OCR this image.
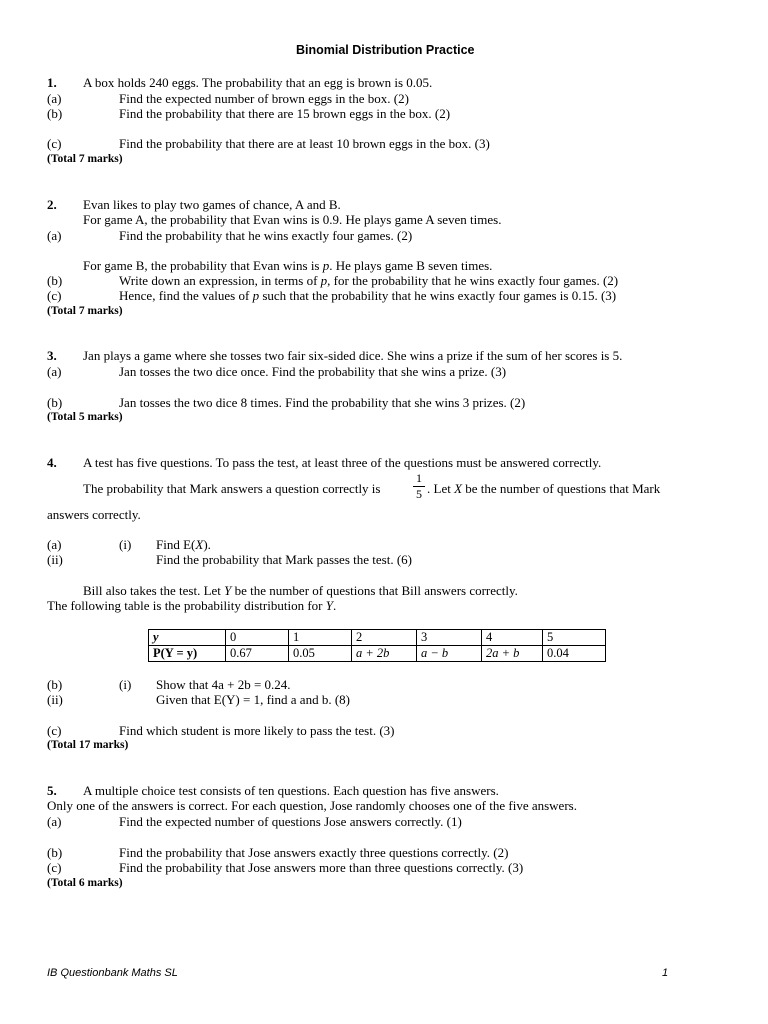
Binomial Distribution Practice
1. A box holds 240 eggs. The probability that an egg is brown is 0.05.
(a)	Find the expected number of brown eggs in the box. (2)
(b)	Find the probability that there are 15 brown eggs in the box. (2)
(c)	Find the probability that there are at least 10 brown eggs in the box. (3)
(Total 7 marks)
2. Evan likes to play two games of chance, A and B.
For game A, the probability that Evan wins is 0.9. He plays game A seven times.
(a)	Find the probability that he wins exactly four games. (2)
For game B, the probability that Evan wins is p. He plays game B seven times.
(b)	Write down an expression, in terms of p, for the probability that he wins exactly four games. (2)
(c)	Hence, find the values of p such that the probability that he wins exactly four games is 0.15. (3)
(Total 7 marks)
3. Jan plays a game where she tosses two fair six-sided dice. She wins a prize if the sum of her scores is 5.
(a)	Jan tosses the two dice once. Find the probability that she wins a prize. (3)
(b)	Jan tosses the two dice 8 times. Find the probability that she wins 3 prizes. (2)
(Total 5 marks)
4. A test has five questions. To pass the test, at least three of the questions must be answered correctly.
The probability that Mark answers a question correctly is
1
5 . Let X be the number of questions that Mark
answers correctly.
(a)	(i) Find E(X).
(ii)	Find the probability that Mark passes the test. (6)
Bill also takes the test. Let Y be the number of questions that Bill answers correctly.
The following table is the probability distribution for Y.
y	0	1	2	3	4	5
P(Y = y)	0.67	0.05	a + 2b	a − b	2a + b	0.04
(b)	(i) Show that 4a + 2b = 0.24.
(ii)	Given that E(Y) = 1, find a and b. (8)
(c)	Find which student is more likely to pass the test. (3)
(Total 17 marks)
5. A multiple choice test consists of ten questions. Each question has five answers.
Only one of the answers is correct. For each question, Jose randomly chooses one of the five answers.
(a)	Find the expected number of questions Jose answers correctly. (1)
(b)	Find the probability that Jose answers exactly three questions correctly. (2)
(c)	Find the probability that Jose answers more than three questions correctly. (3)
(Total 6 marks)
IB Questionbank Maths SL	1
